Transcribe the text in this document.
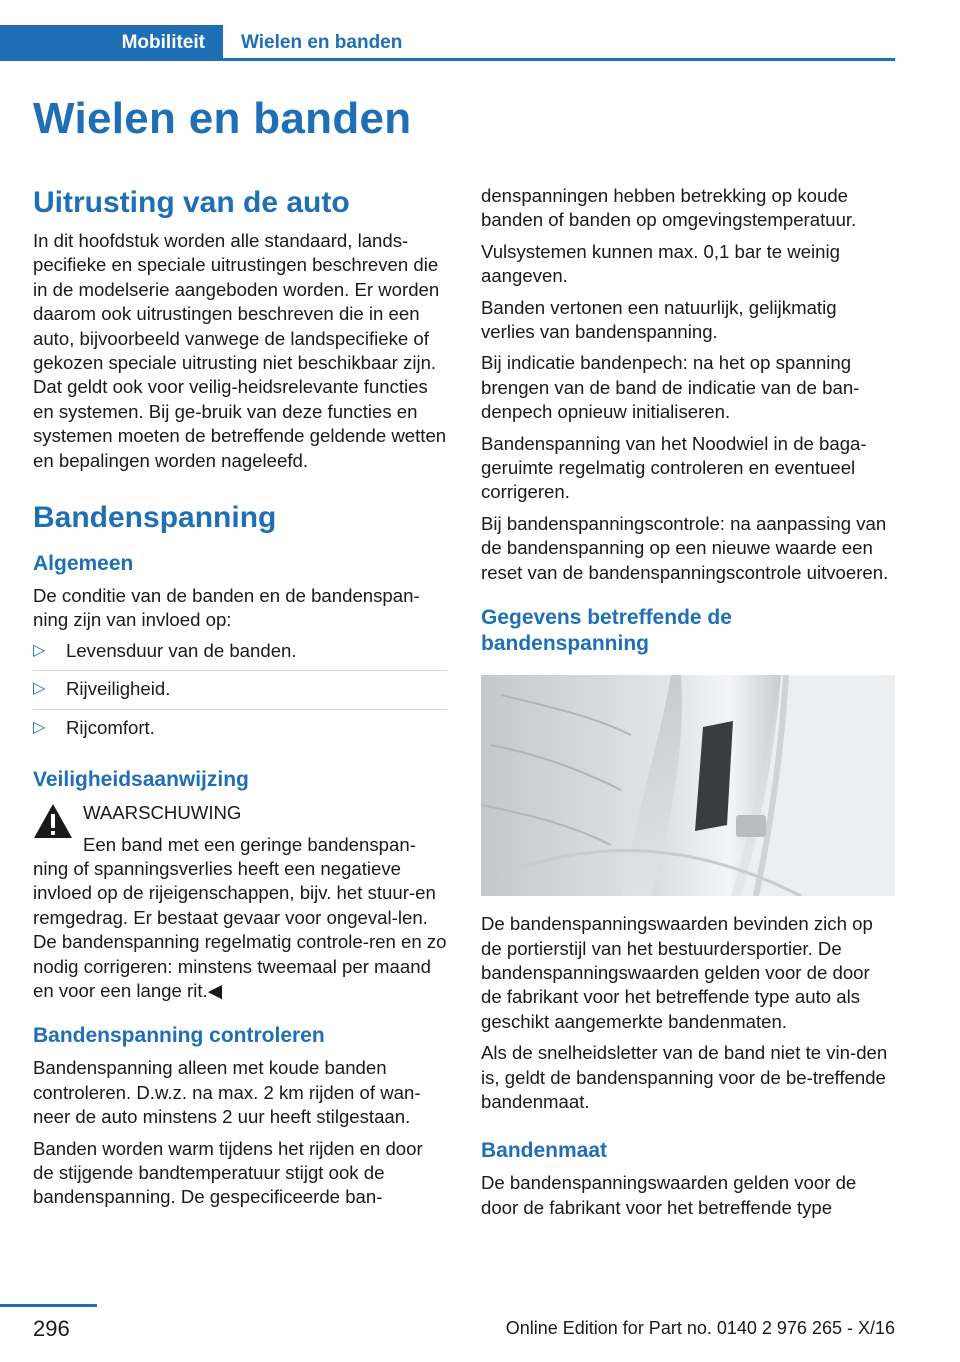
Mobiliteit	Wielen en banden
Wielen en banden
Uitrusting van de auto

In dit hoofdstuk worden alle standaard, lands-pecifieke en speciale uitrustingen beschreven die in de modelserie aangeboden worden. Er worden daarom ook uitrustingen beschreven die in een auto, bijvoorbeeld vanwege de landspecifieke of gekozen speciale uitrusting niet beschikbaar zijn. Dat geldt ook voor veilig-heidsrelevante functies en systemen. Bij ge-bruik van deze functies en systemen moeten de betreffende geldende wetten en bepalingen worden nageleefd.

Bandenspanning
Algemeen

De conditie van de banden en de bandenspan-ning zijn van invloed op:

▷ Levensduur van de banden.
▷ Rijveiligheid.
▷ Rijcomfort.
Veiligheidsaanwijzing

WAARSCHUWING

Een band met een geringe bandenspan-

ning of spanningsverlies heeft een negatieve invloed op de rijeigenschappen, bijv. het stuur-en remgedrag. Er bestaat gevaar voor ongeval-len. De bandenspanning regelmatig controle-ren en zo nodig corrigeren: minstens tweemaal per maand en voor een lange rit.◀

Bandenspanning controleren

Bandenspanning alleen met koude banden controleren. D.w.z. na max. 2 km rijden of wan-neer de auto minstens 2 uur heeft stilgestaan.

Banden worden warm tijdens het rijden en door de stijgende bandtemperatuur stijgt ook de bandenspanning. De gespecificeerde ban-

denspanningen hebben betrekking op koude banden of banden op omgevingstemperatuur.

Vulsystemen kunnen max. 0,1 bar te weinig aangeven.

Banden vertonen een natuurlijk, gelijkmatig verlies van bandenspanning.

Bij indicatie bandenpech: na het op spanning brengen van de band de indicatie van de ban-denpech opnieuw initialiseren.

Bandenspanning van het Noodwiel in de baga-geruimte regelmatig controleren en eventueel corrigeren.

Bij bandenspanningscontrole: na aanpassing van de bandenspanning op een nieuwe waarde een reset van de bandenspanningscontrole uitvoeren.

Gegevens betreffende de bandenspanning

De bandenspanningswaarden bevinden zich op de portierstijl van het bestuurdersportier. De bandenspanningswaarden gelden voor de door de fabrikant voor het betreffende type auto als geschikt aangemerkte bandenmaten.

Als de snelheidsletter van de band niet te vin-den is, geldt de bandenspanning voor de be-treffende bandenmaat.

Bandenmaat

De bandenspanningswaarden gelden voor de door de fabrikant voor het betreffende type

296	Online Edition for Part no. 0140 2 976 265 - X/16
